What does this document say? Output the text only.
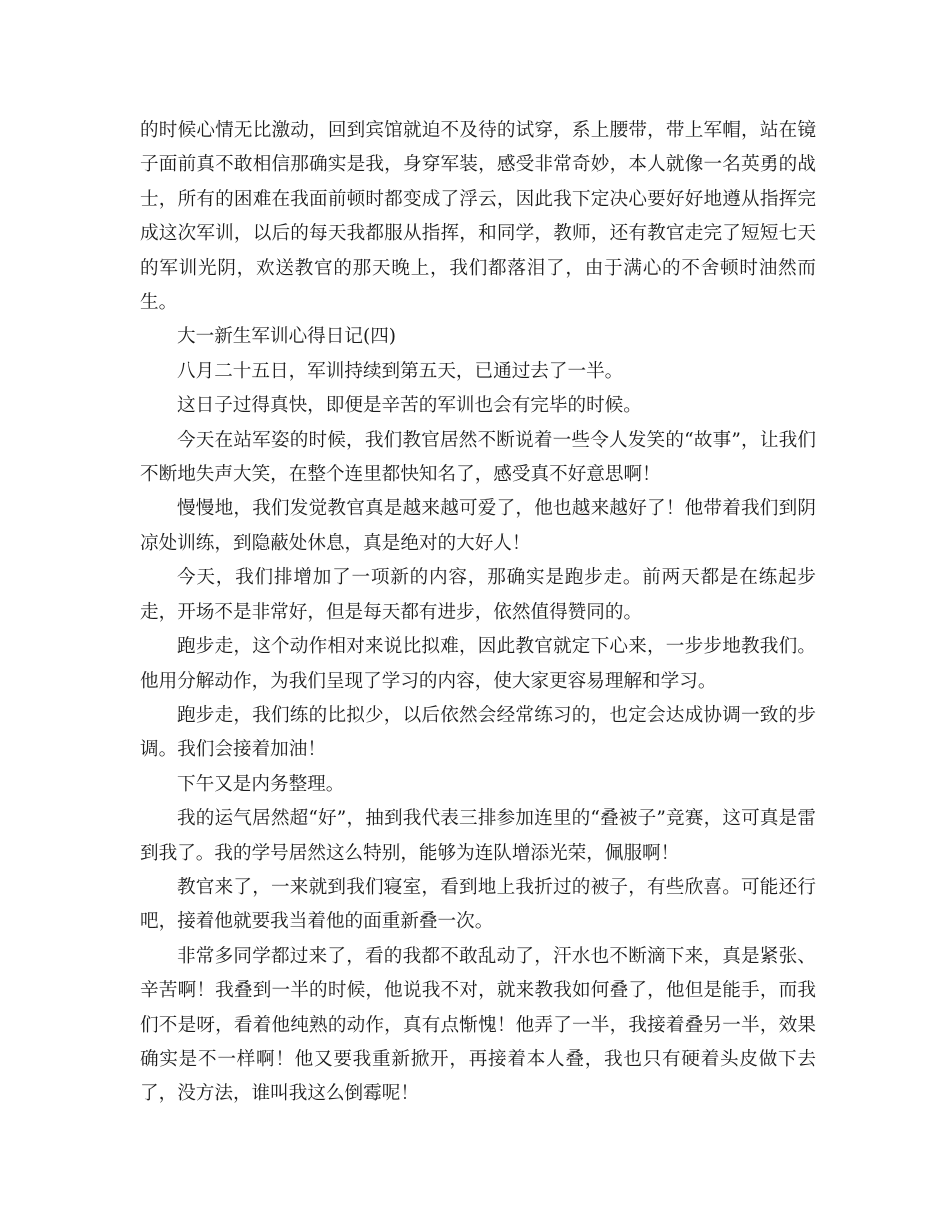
的时候心情无比激动，回到宾馆就迫不及待的试穿，系上腰带，带上军帽，站在镜子面前真不敢相信那确实是我，身穿军装，感受非常奇妙，本人就像一名英勇的战士，所有的困难在我面前顿时都变成了浮云，因此我下定决心要好好地遵从指挥完成这次军训，以后的每天我都服从指挥，和同学，教师，还有教官走完了短短七天的军训光阴，欢送教官的那天晚上，我们都落泪了，由于满心的不舍顿时油然而生。

大一新生军训心得日记(四)

八月二十五日，军训持续到第五天，已通过去了一半。

这日子过得真快，即便是辛苦的军训也会有完毕的时候。

今天在站军姿的时候，我们教官居然不断说着一些令人发笑的“故事”，让我们不断地失声大笑，在整个连里都快知名了，感受真不好意思啊！

慢慢地，我们发觉教官真是越来越可爱了，他也越来越好了！他带着我们到阴凉处训练，到隐蔽处休息，真是绝对的大好人！

今天，我们排增加了一项新的内容，那确实是跑步走。前两天都是在练起步走，开场不是非常好，但是每天都有进步，依然值得赞同的。

跑步走，这个动作相对来说比拟难，因此教官就定下心来，一步步地教我们。他用分解动作，为我们呈现了学习的内容，使大家更容易理解和学习。

跑步走，我们练的比拟少，以后依然会经常练习的，也定会达成协调一致的步调。我们会接着加油！

下午又是内务整理。

我的运气居然超“好”，抽到我代表三排参加连里的“叠被子”竞赛，这可真是雷到我了。我的学号居然这么特别，能够为连队增添光荣，佩服啊！

教官来了，一来就到我们寝室，看到地上我折过的被子，有些欣喜。可能还行吧，接着他就要我当着他的面重新叠一次。

非常多同学都过来了，看的我都不敢乱动了，汗水也不断滴下来，真是紧张、辛苦啊！我叠到一半的时候，他说我不对，就来教我如何叠了，他但是能手，而我们不是呀，看着他纯熟的动作，真有点惭愧！他弄了一半，我接着叠另一半，效果确实是不一样啊！他又要我重新掀开，再接着本人叠，我也只有硬着头皮做下去了，没方法，谁叫我这么倒霉呢！
